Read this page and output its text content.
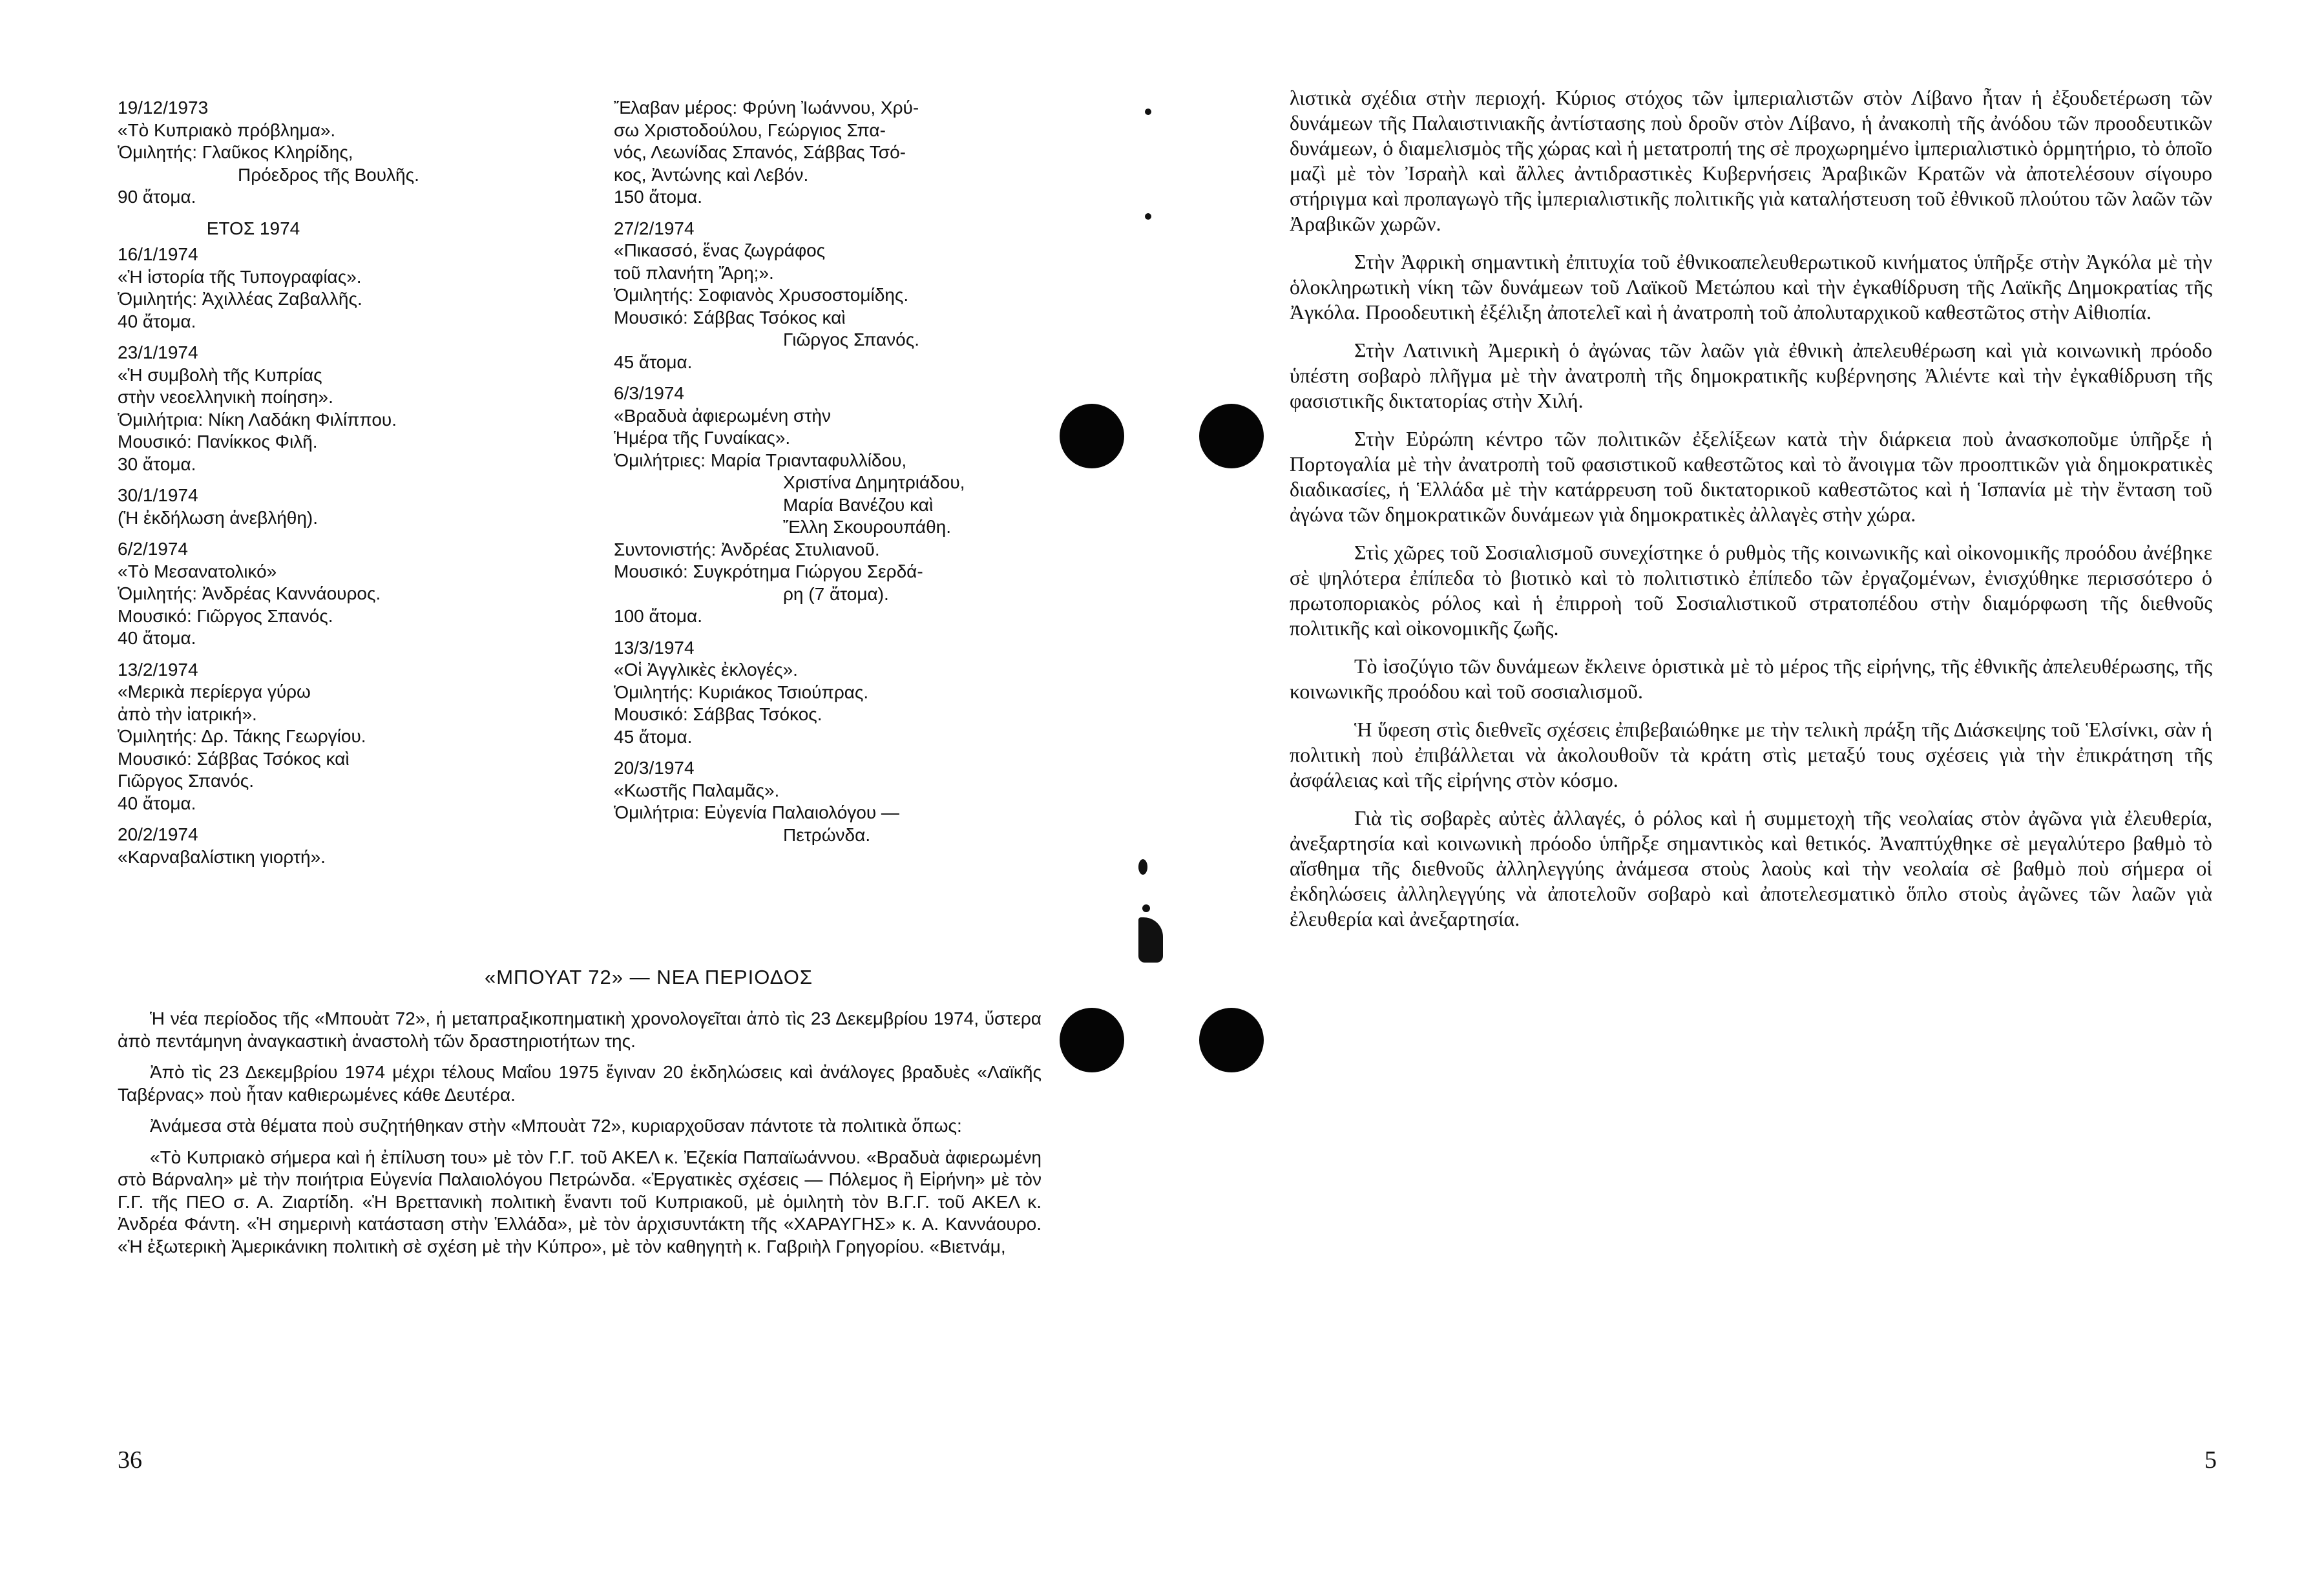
19/12/1973
«Τὸ Κυπριακὸ πρόβλημα».
Ὁμιλητής: Γλαῦκος Κληρίδης,
Πρόεδρος τῆς Βουλῆς.
90 ἄτομα.
ΕΤΟΣ 1974
16/1/1974
«Ἡ ἱστορία τῆς Τυπογραφίας».
Ὁμιλητής: Ἀχιλλέας Ζαβαλλῆς.
40 ἄτομα.
23/1/1974
«Ἡ συμβολὴ τῆς Κυπρίας
στὴν νεοελληνικὴ ποίηση».
Ὁμιλήτρια: Νίκη Λαδάκη Φιλίππου.
Μουσικό: Πανίκκος Φιλῆ.
30 ἄτομα.
30/1/1974
(Ἡ ἐκδήλωση ἀνεβλήθη).
6/2/1974
«Τὸ Μεσανατολικό»
Ὁμιλητής: Ἀνδρέας Καννάουρος.
Μουσικό: Γιῶργος Σπανός.
40 ἄτομα.
13/2/1974
«Μερικὰ περίεργα γύρω
ἀπὸ τὴν ἰατρική».
Ὁμιλητής: Δρ. Τάκης Γεωργίου.
Μουσικό: Σάββας Τσόκος καὶ
Γιῶργος Σπανός.
40 ἄτομα.
20/2/1974
«Καρναβαλίστικη γιορτή».
Ἔλαβαν μέρος: Φρύνη Ἰωάννου, Χρύ-
σω Χριστοδούλου, Γεώργιος Σπα-
νός, Λεωνίδας Σπανός, Σάββας Τσό-
κος, Ἀντώνης καὶ Λεβόν.
150 ἄτομα.
27/2/1974
«Πικασσό, ἕνας ζωγράφος
τοῦ πλανήτη Ἄρη;».
Ὁμιλητής: Σοφιανὸς Χρυσοστομίδης.
Μουσικό: Σάββας Τσόκος καὶ
Γιῶργος Σπανός.
45 ἄτομα.
6/3/1974
«Βραδυὰ ἀφιερωμένη στὴν
Ἡμέρα τῆς Γυναίκας».
Ὁμιλήτριες: Μαρία Τριανταφυλλίδου,
Χριστίνα Δημητριάδου,
Μαρία Βανέζου καὶ
Ἔλλη Σκουρουπάθη.
Συντονιστής: Ἀνδρέας Στυλιανοῦ.
Μουσικό: Συγκρότημα Γιώργου Σερδά-
ρη (7 ἄτομα).
100 ἄτομα.
13/3/1974
«Οἱ Ἀγγλικὲς ἐκλογές».
Ὁμιλητής: Κυριάκος Τσιούπρας.
Μουσικό: Σάββας Τσόκος.
45 ἄτομα.
20/3/1974
«Κωστῆς Παλαμᾶς».
Ὁμιλήτρια: Εὐγενία Παλαιολόγου —
Πετρώνδα.
«ΜΠΟΥΑΤ 72» — ΝΕΑ ΠΕΡΙΟΔΟΣ

Ἡ νέα περίοδος τῆς «Μπουὰτ 72», ἡ μεταπραξικοπηματικὴ χρονολογεῖται ἀπὸ τὶς 23 Δεκεμβρίου 1974, ὕστερα ἀπὸ πεντάμηνη ἀναγκαστικὴ ἀναστολὴ τῶν δραστηριοτήτων της.

Ἀπὸ τὶς 23 Δεκεμβρίου 1974 μέχρι τέλους Μαΐου 1975 ἔγιναν 20 ἐκδηλώσεις καὶ ἀνάλογες βραδυὲς «Λαϊκῆς Ταβέρνας» ποὺ ἦταν καθιερωμένες κάθε Δευτέρα.

Ἀνάμεσα στὰ θέματα ποὺ συζητήθηκαν στὴν «Μπουὰτ 72», κυριαρχοῦσαν πάντοτε τὰ πολιτικὰ ὅπως:

«Τὸ Κυπριακὸ σήμερα καὶ ἡ ἐπίλυση του» μὲ τὸν Γ.Γ. τοῦ ΑΚΕΛ κ. Ἐζεκία Παπαϊωάννου. «Βραδυὰ ἀφιερωμένη στὸ Βάρναλη» μὲ τὴν ποιήτρια Εὐγενία Παλαιολόγου Πετρώνδα. «Ἐργατικὲς σχέσεις — Πόλεμος ἢ Εἰρήνη» μὲ τὸν Γ.Γ. τῆς ΠΕΟ σ. Α. Ζιαρτίδη. «Ἡ Βρεττανικὴ πολιτικὴ ἔναντι τοῦ Κυπριακοῦ, μὲ ὁμιλητὴ τὸν Β.Γ.Γ. τοῦ ΑΚΕΛ κ. Ἀνδρέα Φάντη. «Ἡ σημερινὴ κατάσταση στὴν Ἑλλάδα», μὲ τὸν ἀρχισυντάκτη τῆς «ΧΑΡΑΥΓΗΣ» κ. Α. Καννάουρο. «Ἡ ἐξωτερικὴ Ἀμερικάνικη πολιτικὴ σὲ σχέση μὲ τὴν Κύπρο», μὲ τὸν καθηγητὴ κ. Γαβριὴλ Γρηγορίου. «Βιετνάμ,

36

λιστικὰ σχέδια στὴν περιοχή. Κύριος στόχος τῶν ἰμπεριαλιστῶν στὸν Λίβανο ἦταν ἡ ἐξουδετέρωση τῶν δυνάμεων τῆς Παλαιστινιακῆς ἀντίστασης ποὺ δροῦν στὸν Λίβανο, ἡ ἀνακοπὴ τῆς ἀνόδου τῶν προοδευτικῶν δυνάμεων, ὁ διαμελισμὸς τῆς χώρας καὶ ἡ μετατροπή της σὲ προχωρημένο ἰμπεριαλιστικὸ ὁρμητήριο, τὸ ὁποῖο μαζὶ μὲ τὸν Ἰσραὴλ καὶ ἄλλες ἀντιδραστικὲς Κυβερνήσεις Ἀραβικῶν Κρατῶν νὰ ἀποτελέσουν σίγουρο στήριγμα καὶ προπαγωγὸ τῆς ἰμπεριαλιστικῆς πολιτικῆς γιὰ καταλήστευση τοῦ ἐθνικοῦ πλούτου τῶν λαῶν τῶν Ἀραβικῶν χωρῶν.

Στὴν Ἀφρικὴ σημαντικὴ ἐπιτυχία τοῦ ἐθνικοαπελευθερωτικοῦ κινήματος ὑπῆρξε στὴν Ἀγκόλα μὲ τὴν ὁλοκληρωτικὴ νίκη τῶν δυνάμεων τοῦ Λαϊκοῦ Μετώπου καὶ τὴν ἐγκαθίδρυση τῆς Λαϊκῆς Δημοκρατίας τῆς Ἀγκόλα. Προοδευτικὴ ἐξέλιξη ἀποτελεῖ καὶ ἡ ἀνατροπὴ τοῦ ἀπολυταρχικοῦ καθεστῶτος στὴν Αἰθιοπία.

Στὴν Λατινικὴ Ἀμερικὴ ὁ ἀγώνας τῶν λαῶν γιὰ ἐθνικὴ ἀπελευθέρωση καὶ γιὰ κοινωνικὴ πρόοδο ὑπέστη σοβαρὸ πλῆγμα μὲ τὴν ἀνατροπὴ τῆς δημοκρατικῆς κυβέρνησης Ἀλιέντε καὶ τὴν ἐγκαθίδρυση τῆς φασιστικῆς δικτατορίας στὴν Χιλή.

Στὴν Εὐρώπη κέντρο τῶν πολιτικῶν ἐξελίξεων κατὰ τὴν διάρκεια ποὺ ἀνασκοποῦμε ὑπῆρξε ἡ Πορτογαλία μὲ τὴν ἀνατροπὴ τοῦ φασιστικοῦ καθεστῶτος καὶ τὸ ἄνοιγμα τῶν προοπτικῶν γιὰ δημοκρατικὲς διαδικασίες, ἡ Ἑλλάδα μὲ τὴν κατάρρευση τοῦ δικτατορικοῦ καθεστῶτος καὶ ἡ Ἱσπανία μὲ τὴν ἔνταση τοῦ ἀγώνα τῶν δημοκρατικῶν δυνάμεων γιὰ δημοκρατικὲς ἀλλαγὲς στὴν χώρα.

Στὶς χῶρες τοῦ Σοσιαλισμοῦ συνεχίστηκε ὁ ρυθμὸς τῆς κοινωνικῆς καὶ οἰκονομικῆς προόδου ἀνέβηκε σὲ ψηλότερα ἐπίπεδα τὸ βιοτικὸ καὶ τὸ πολιτιστικὸ ἐπίπεδο τῶν ἐργαζομένων, ἐνισχύθηκε περισσότερο ὁ πρωτοποριακὸς ρόλος καὶ ἡ ἐπιρροὴ τοῦ Σοσιαλιστικοῦ στρατοπέδου στὴν διαμόρφωση τῆς διεθνοῦς πολιτικῆς καὶ οἰκονομικῆς ζωῆς.

Τὸ ἰσοζύγιο τῶν δυνάμεων ἔκλεινε ὁριστικὰ μὲ τὸ μέρος τῆς εἰρήνης, τῆς ἐθνικῆς ἀπελευθέρωσης, τῆς κοινωνικῆς προόδου καὶ τοῦ σοσιαλισμοῦ.

Ἡ ὕφεση στὶς διεθνεῖς σχέσεις ἐπιβεβαιώθηκε με τὴν τελικὴ πράξη τῆς Διάσκεψης τοῦ Ἑλσίνκι, σὰν ἡ πολιτικὴ ποὺ ἐπιβάλλεται νὰ ἀκολουθοῦν τὰ κράτη στὶς μεταξύ τους σχέσεις γιὰ τὴν ἐπικράτηση τῆς ἀσφάλειας καὶ τῆς εἰρήνης στὸν κόσμο.

Γιὰ τὶς σοβαρὲς αὐτὲς ἀλλαγές, ὁ ρόλος καὶ ἡ συμμετοχὴ τῆς νεολαίας στὸν ἀγῶνα γιὰ ἐλευθερία, ἀνεξαρτησία καὶ κοινωνικὴ πρόοδο ὑπῆρξε σημαντικὸς καὶ θετικός. Ἀναπτύχθηκε σὲ μεγαλύτερο βαθμὸ τὸ αἴσθημα τῆς διεθνοῦς ἀλληλεγγύης ἀνάμεσα στοὺς λαοὺς καὶ τὴν νεολαία σὲ βαθμὸ ποὺ σήμερα οἱ ἐκδηλώσεις ἀλληλεγγύης νὰ ἀποτελοῦν σοβαρὸ καὶ ἀποτελεσματικὸ ὅπλο στοὺς ἀγῶνες τῶν λαῶν γιὰ ἐλευθερία καὶ ἀνεξαρτησία.

5
